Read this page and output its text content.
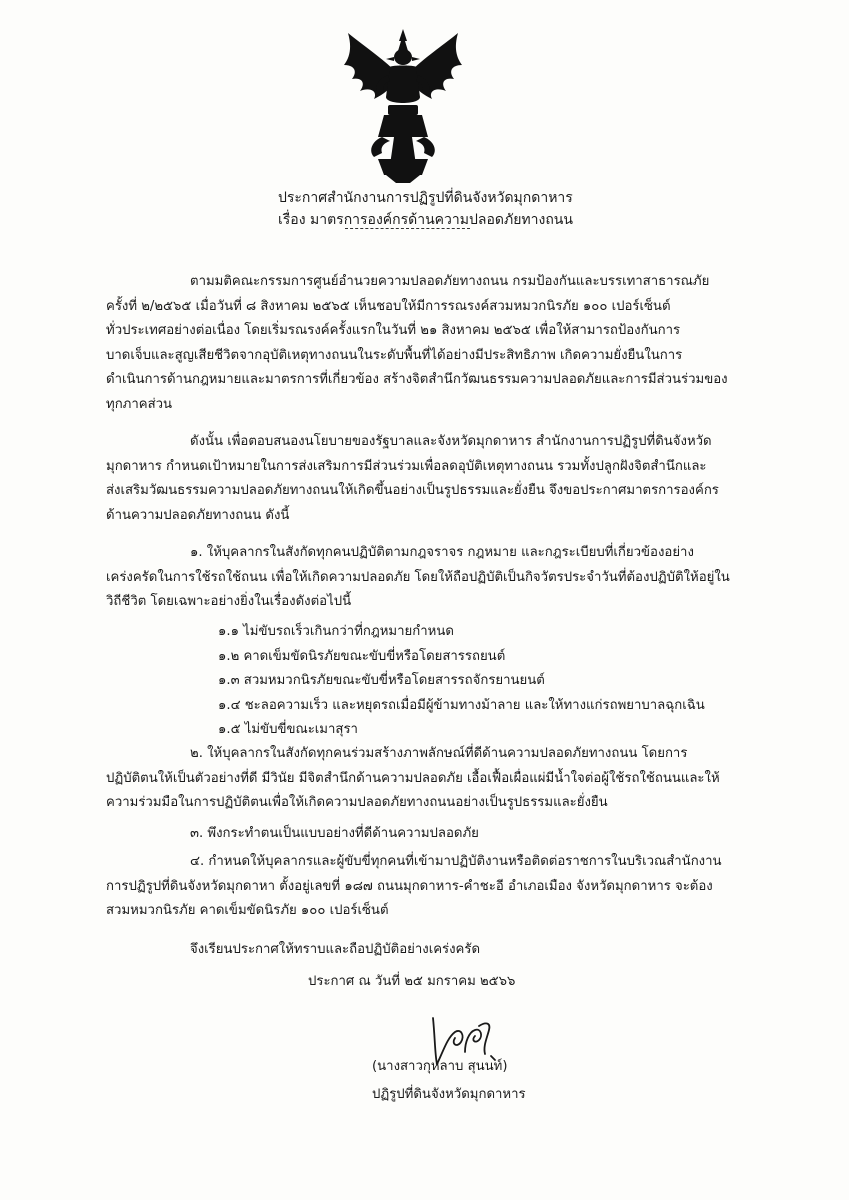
ประกาศสำนักงานการปฏิรูปที่ดินจังหวัดมุกดาหาร
เรื่อง มาตรการองค์กรด้านความปลอดภัยทางถนน
ตามมติคณะกรรมการศูนย์อำนวยความปลอดภัยทางถนน กรมป้องกันและบรรเทาสาธารณภัย
ครั้งที่ ๒/๒๕๖๕ เมื่อวันที่ ๘ สิงหาคม ๒๕๖๕ เห็นชอบให้มีการรณรงค์สวมหมวกนิรภัย ๑๐๐ เปอร์เซ็นต์
ทั่วประเทศอย่างต่อเนื่อง โดยเริ่มรณรงค์ครั้งแรกในวันที่ ๒๑ สิงหาคม ๒๕๖๕ เพื่อให้สามารถป้องกันการ
บาดเจ็บและสูญเสียชีวิตจากอุบัติเหตุทางถนนในระดับพื้นที่ได้อย่างมีประสิทธิภาพ เกิดความยั่งยืนในการ
ดำเนินการด้านกฎหมายและมาตรการที่เกี่ยวข้อง สร้างจิตสำนึกวัฒนธรรมความปลอดภัยและการมีส่วนร่วมของ
ทุกภาคส่วน
ดังนั้น เพื่อตอบสนองนโยบายของรัฐบาลและจังหวัดมุกดาหาร สำนักงานการปฏิรูปที่ดินจังหวัด
มุกดาหาร กำหนดเป้าหมายในการส่งเสริมการมีส่วนร่วมเพื่อลดอุบัติเหตุทางถนน รวมทั้งปลูกฝังจิตสำนึกและ
ส่งเสริมวัฒนธรรมความปลอดภัยทางถนนให้เกิดขึ้นอย่างเป็นรูปธรรมและยั่งยืน จึงขอประกาศมาตรการองค์กร
ด้านความปลอดภัยทางถนน ดังนี้
๑. ให้บุคลากรในสังกัดทุกคนปฏิบัติตามกฎจราจร กฎหมาย และกฎระเบียบที่เกี่ยวข้องอย่าง
เคร่งครัดในการใช้รถใช้ถนน เพื่อให้เกิดความปลอดภัย โดยให้ถือปฏิบัติเป็นกิจวัตรประจำวันที่ต้องปฏิบัติให้อยู่ใน
วิถีชีวิต โดยเฉพาะอย่างยิ่งในเรื่องดังต่อไปนี้
๑.๑ ไม่ขับรถเร็วเกินกว่าที่กฎหมายกำหนด
๑.๒ คาดเข็มขัดนิรภัยขณะขับขี่หรือโดยสารรถยนต์
๑.๓ สวมหมวกนิรภัยขณะขับขี่หรือโดยสารรถจักรยานยนต์
๑.๔ ชะลอความเร็ว และหยุดรถเมื่อมีผู้ข้ามทางม้าลาย และให้ทางแก่รถพยาบาลฉุกเฉิน
๑.๕ ไม่ขับขี่ขณะเมาสุรา
๒. ให้บุคลากรในสังกัดทุกคนร่วมสร้างภาพลักษณ์ที่ดีด้านความปลอดภัยทางถนน โดยการ
ปฏิบัติตนให้เป็นตัวอย่างที่ดี มีวินัย มีจิตสำนึกด้านความปลอดภัย เอื้อเฟื้อเผื่อแผ่มีน้ำใจต่อผู้ใช้รถใช้ถนนและให้
ความร่วมมือในการปฏิบัติตนเพื่อให้เกิดความปลอดภัยทางถนนอย่างเป็นรูปธรรมและยั่งยืน
๓. พึงกระทำตนเป็นแบบอย่างที่ดีด้านความปลอดภัย
๔. กำหนดให้บุคลากรและผู้ขับขี่ทุกคนที่เข้ามาปฏิบัติงานหรือติดต่อราชการในบริเวณสำนักงาน
การปฏิรูปที่ดินจังหวัดมุกดาหา ตั้งอยู่เลขที่ ๑๘๗ ถนนมุกดาหาร-คำชะอี อำเภอเมือง จังหวัดมุกดาหาร จะต้อง
สวมหมวกนิรภัย คาดเข็มขัดนิรภัย ๑๐๐ เปอร์เซ็นต์
จึงเรียนประกาศให้ทราบและถือปฏิบัติอย่างเคร่งครัด
ประกาศ ณ วันที่ ๒๕ มกราคม ๒๕๖๖
(นางสาวกุหลาบ สุนนท์)
ปฏิรูปที่ดินจังหวัดมุกดาหาร
